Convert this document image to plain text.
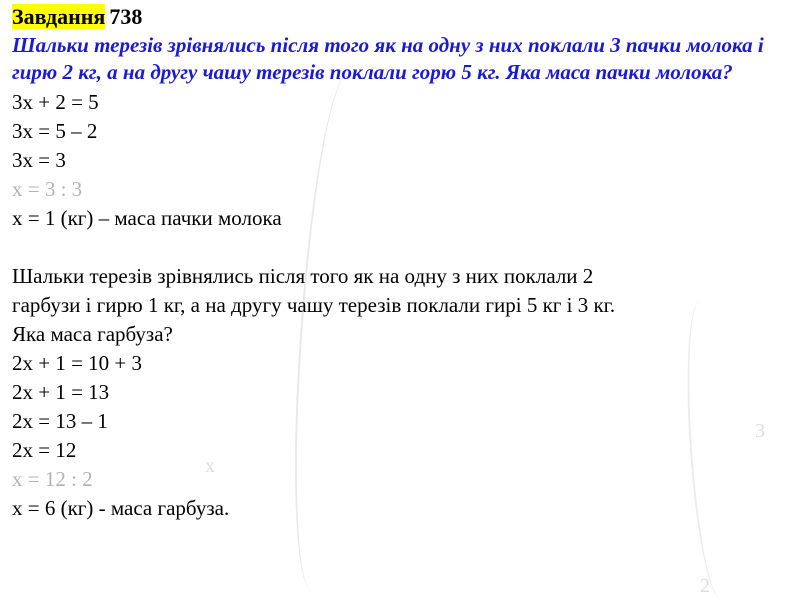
х
2
3
Завдання 738
Шальки терезів зрівнялись після того як на одну з них поклали 3 пачки молока і гирю 2 кг, а на другу чашу терезів поклали горю 5 кг. Яка маса пачки молока?
3х + 2 = 5
3х = 5 – 2
3х = 3
х = 3 : 3
х = 1 (кг) – маса пачки молока
Шальки терезів зрівнялись після того як на одну з них поклали 2
гарбузи і гирю 1 кг, а на другу чашу терезів поклали гирі 5 кг і 3 кг.
Яка маса гарбуза?
2х + 1 = 10 + 3
2х + 1 = 13
2х = 13 – 1
2х = 12
х = 12 : 2
х = 6 (кг) - маса гарбуза.
